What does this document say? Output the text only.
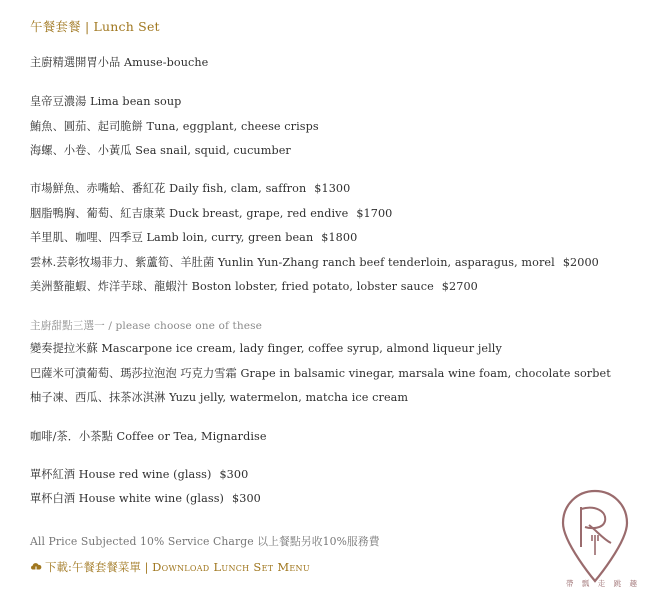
午餐套餐 | Lunch Set
主廚精選開胃小品 Amuse-bouche
皇帝豆濃湯 Lima bean soup
鮪魚、圓茄、起司脆餅 Tuna, eggplant, cheese crisps
海螺、小卷、小黃瓜 Sea snail, squid, cucumber
市場鮮魚、赤嘴蛤、番紅花 Daily fish, clam, saffron $1300
胭脂鴨胸、葡萄、紅吉康菜 Duck breast, grape, red endive $1700
羊里肌、咖哩、四季豆 Lamb loin, curry, green bean $1800
雲林.芸彰牧場菲力、紫蘆筍、羊肚菌 Yunlin Yun-Zhang ranch beef tenderloin, asparagus, morel $2000
美洲螯龍蝦、炸洋芋球、龍蝦汁 Boston lobster, fried potato, lobster sauce $2700
主廚甜點三選一 / please choose one of these
變奏提拉米蘇 Mascarpone ice cream, lady finger, coffee syrup, almond liqueur jelly
巴薩米可漬葡萄、瑪莎拉泡泡 巧克力雪霜 Grape in balsamic vinegar, marsala wine foam, chocolate sorbet
柚子凍、西瓜、抹茶冰淇淋 Yuzu jelly, watermelon, matcha ice cream
咖啡/茶．小茶點 Coffee or Tea, Mignardise
單杯紅酒 House red wine (glass) $300
單杯白酒 House white wine (glass) $300
All Price Subjected 10% Service Charge 以上餐點另收10%服務費
下載:午餐套餐菜單 | Download Lunch Set Menu
帶 瓢 走 跳 趣
